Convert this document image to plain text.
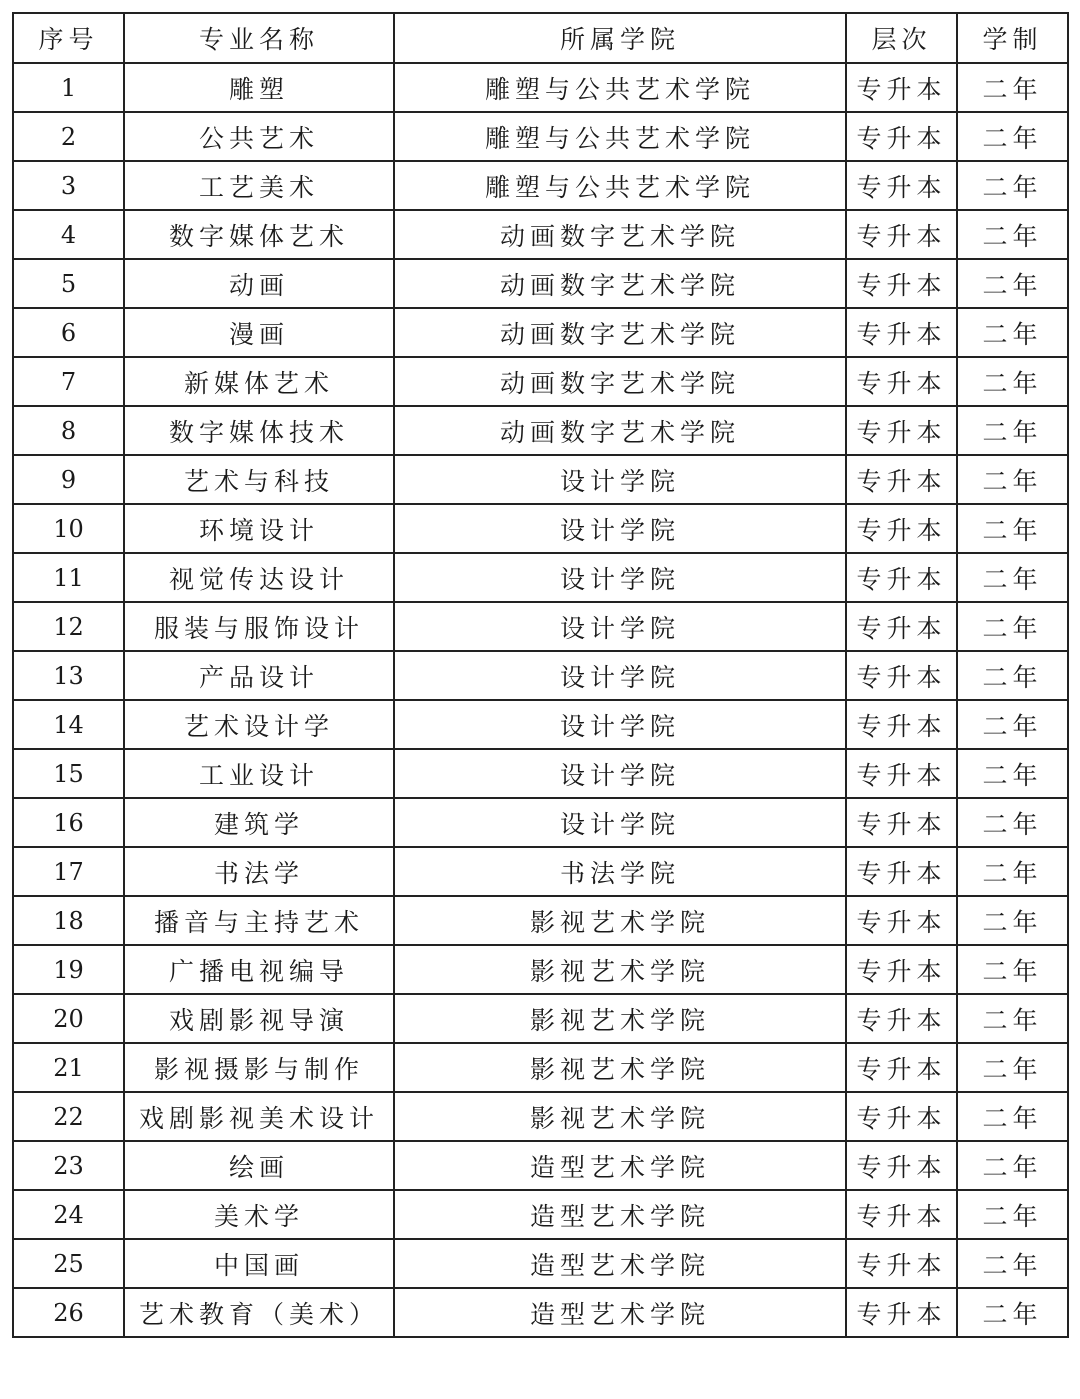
序号	专业名称	所属学院	层次	学制
1	雕塑	雕塑与公共艺术学院	专升本	二年
2	公共艺术	雕塑与公共艺术学院	专升本	二年
3	工艺美术	雕塑与公共艺术学院	专升本	二年
4	数字媒体艺术	动画数字艺术学院	专升本	二年
5	动画	动画数字艺术学院	专升本	二年
6	漫画	动画数字艺术学院	专升本	二年
7	新媒体艺术	动画数字艺术学院	专升本	二年
8	数字媒体技术	动画数字艺术学院	专升本	二年
9	艺术与科技	设计学院	专升本	二年
10	环境设计	设计学院	专升本	二年
11	视觉传达设计	设计学院	专升本	二年
12	服装与服饰设计	设计学院	专升本	二年
13	产品设计	设计学院	专升本	二年
14	艺术设计学	设计学院	专升本	二年
15	工业设计	设计学院	专升本	二年
16	建筑学	设计学院	专升本	二年
17	书法学	书法学院	专升本	二年
18	播音与主持艺术	影视艺术学院	专升本	二年
19	广播电视编导	影视艺术学院	专升本	二年
20	戏剧影视导演	影视艺术学院	专升本	二年
21	影视摄影与制作	影视艺术学院	专升本	二年
22	戏剧影视美术设计	影视艺术学院	专升本	二年
23	绘画	造型艺术学院	专升本	二年
24	美术学	造型艺术学院	专升本	二年
25	中国画	造型艺术学院	专升本	二年
26	艺术教育（美术）	造型艺术学院	专升本	二年
